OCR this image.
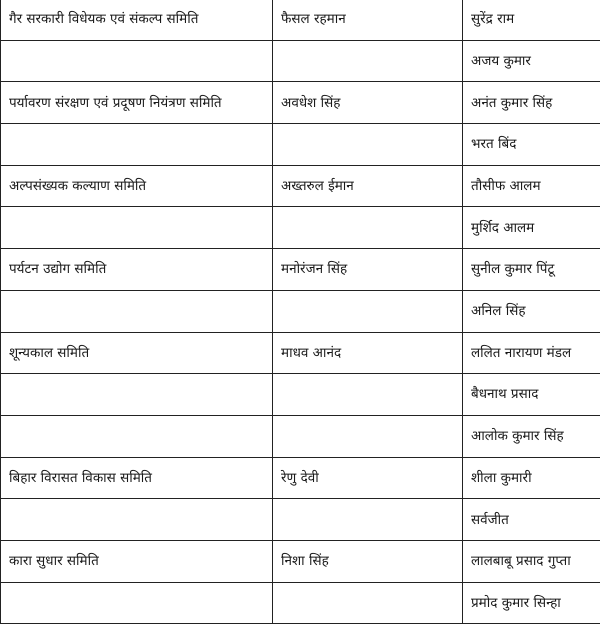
गैर सरकारी विधेयक एवं संकल्प समिति	फैसल रहमान	सुरेंद्र राम
		अजय कुमार
पर्यावरण संरक्षण एवं प्रदूषण नियंत्रण समिति	अवधेश सिंह	अनंत कुमार सिंह
		भरत बिंद
अल्पसंख्यक कल्याण समिति	अख्तरुल ईमान	तौसीफ आलम
		मुर्शिद आलम
पर्यटन उद्योग समिति	मनोरंजन सिंह	सुनील कुमार पिंटू
		अनिल सिंह
शून्यकाल समिति	माधव आनंद	ललित नारायण मंडल
		बैधनाथ प्रसाद
		आलोक कुमार सिंह
बिहार विरासत विकास समिति	रेणु देवी	शीला कुमारी
		सर्वजीत
कारा सुधार समिति	निशा सिंह	लालबाबू प्रसाद गुप्ता
		प्रमोद कुमार सिन्हा
